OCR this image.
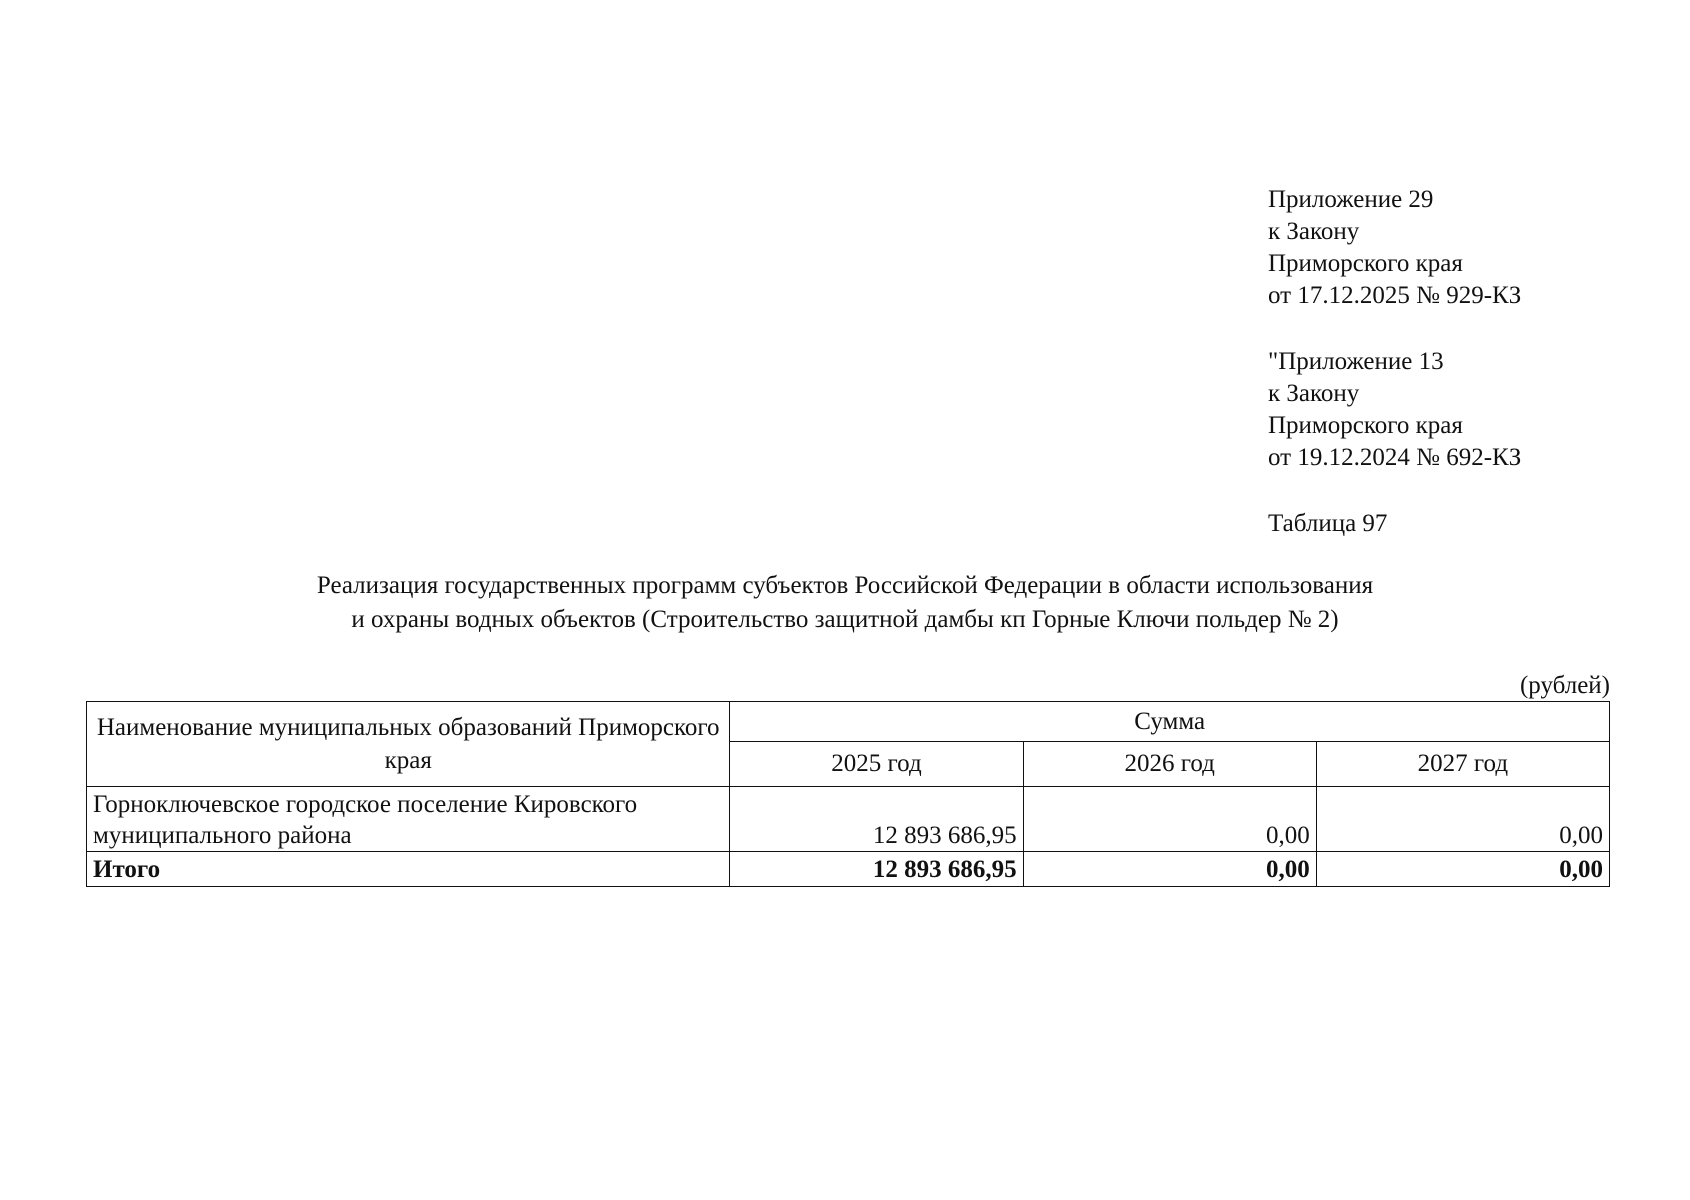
Приложение 29
к Закону
Приморского края
от 17.12.2025 № 929-КЗ
"Приложение 13
к Закону
Приморского края
от 19.12.2024 № 692-КЗ
Таблица 97
Реализация государственных программ субъектов Российской Федерации в области использования
и охраны водных объектов (Строительство защитной дамбы кп Горные Ключи польдер № 2)
(рублей)
Наименование муниципальных образований Приморского края	Сумма		
	2025 год	2026 год	2027 год
Горноключевское городское поселение Кировского муниципального района	12 893 686,95	0,00	0,00
Итого	12 893 686,95	0,00	0,00
